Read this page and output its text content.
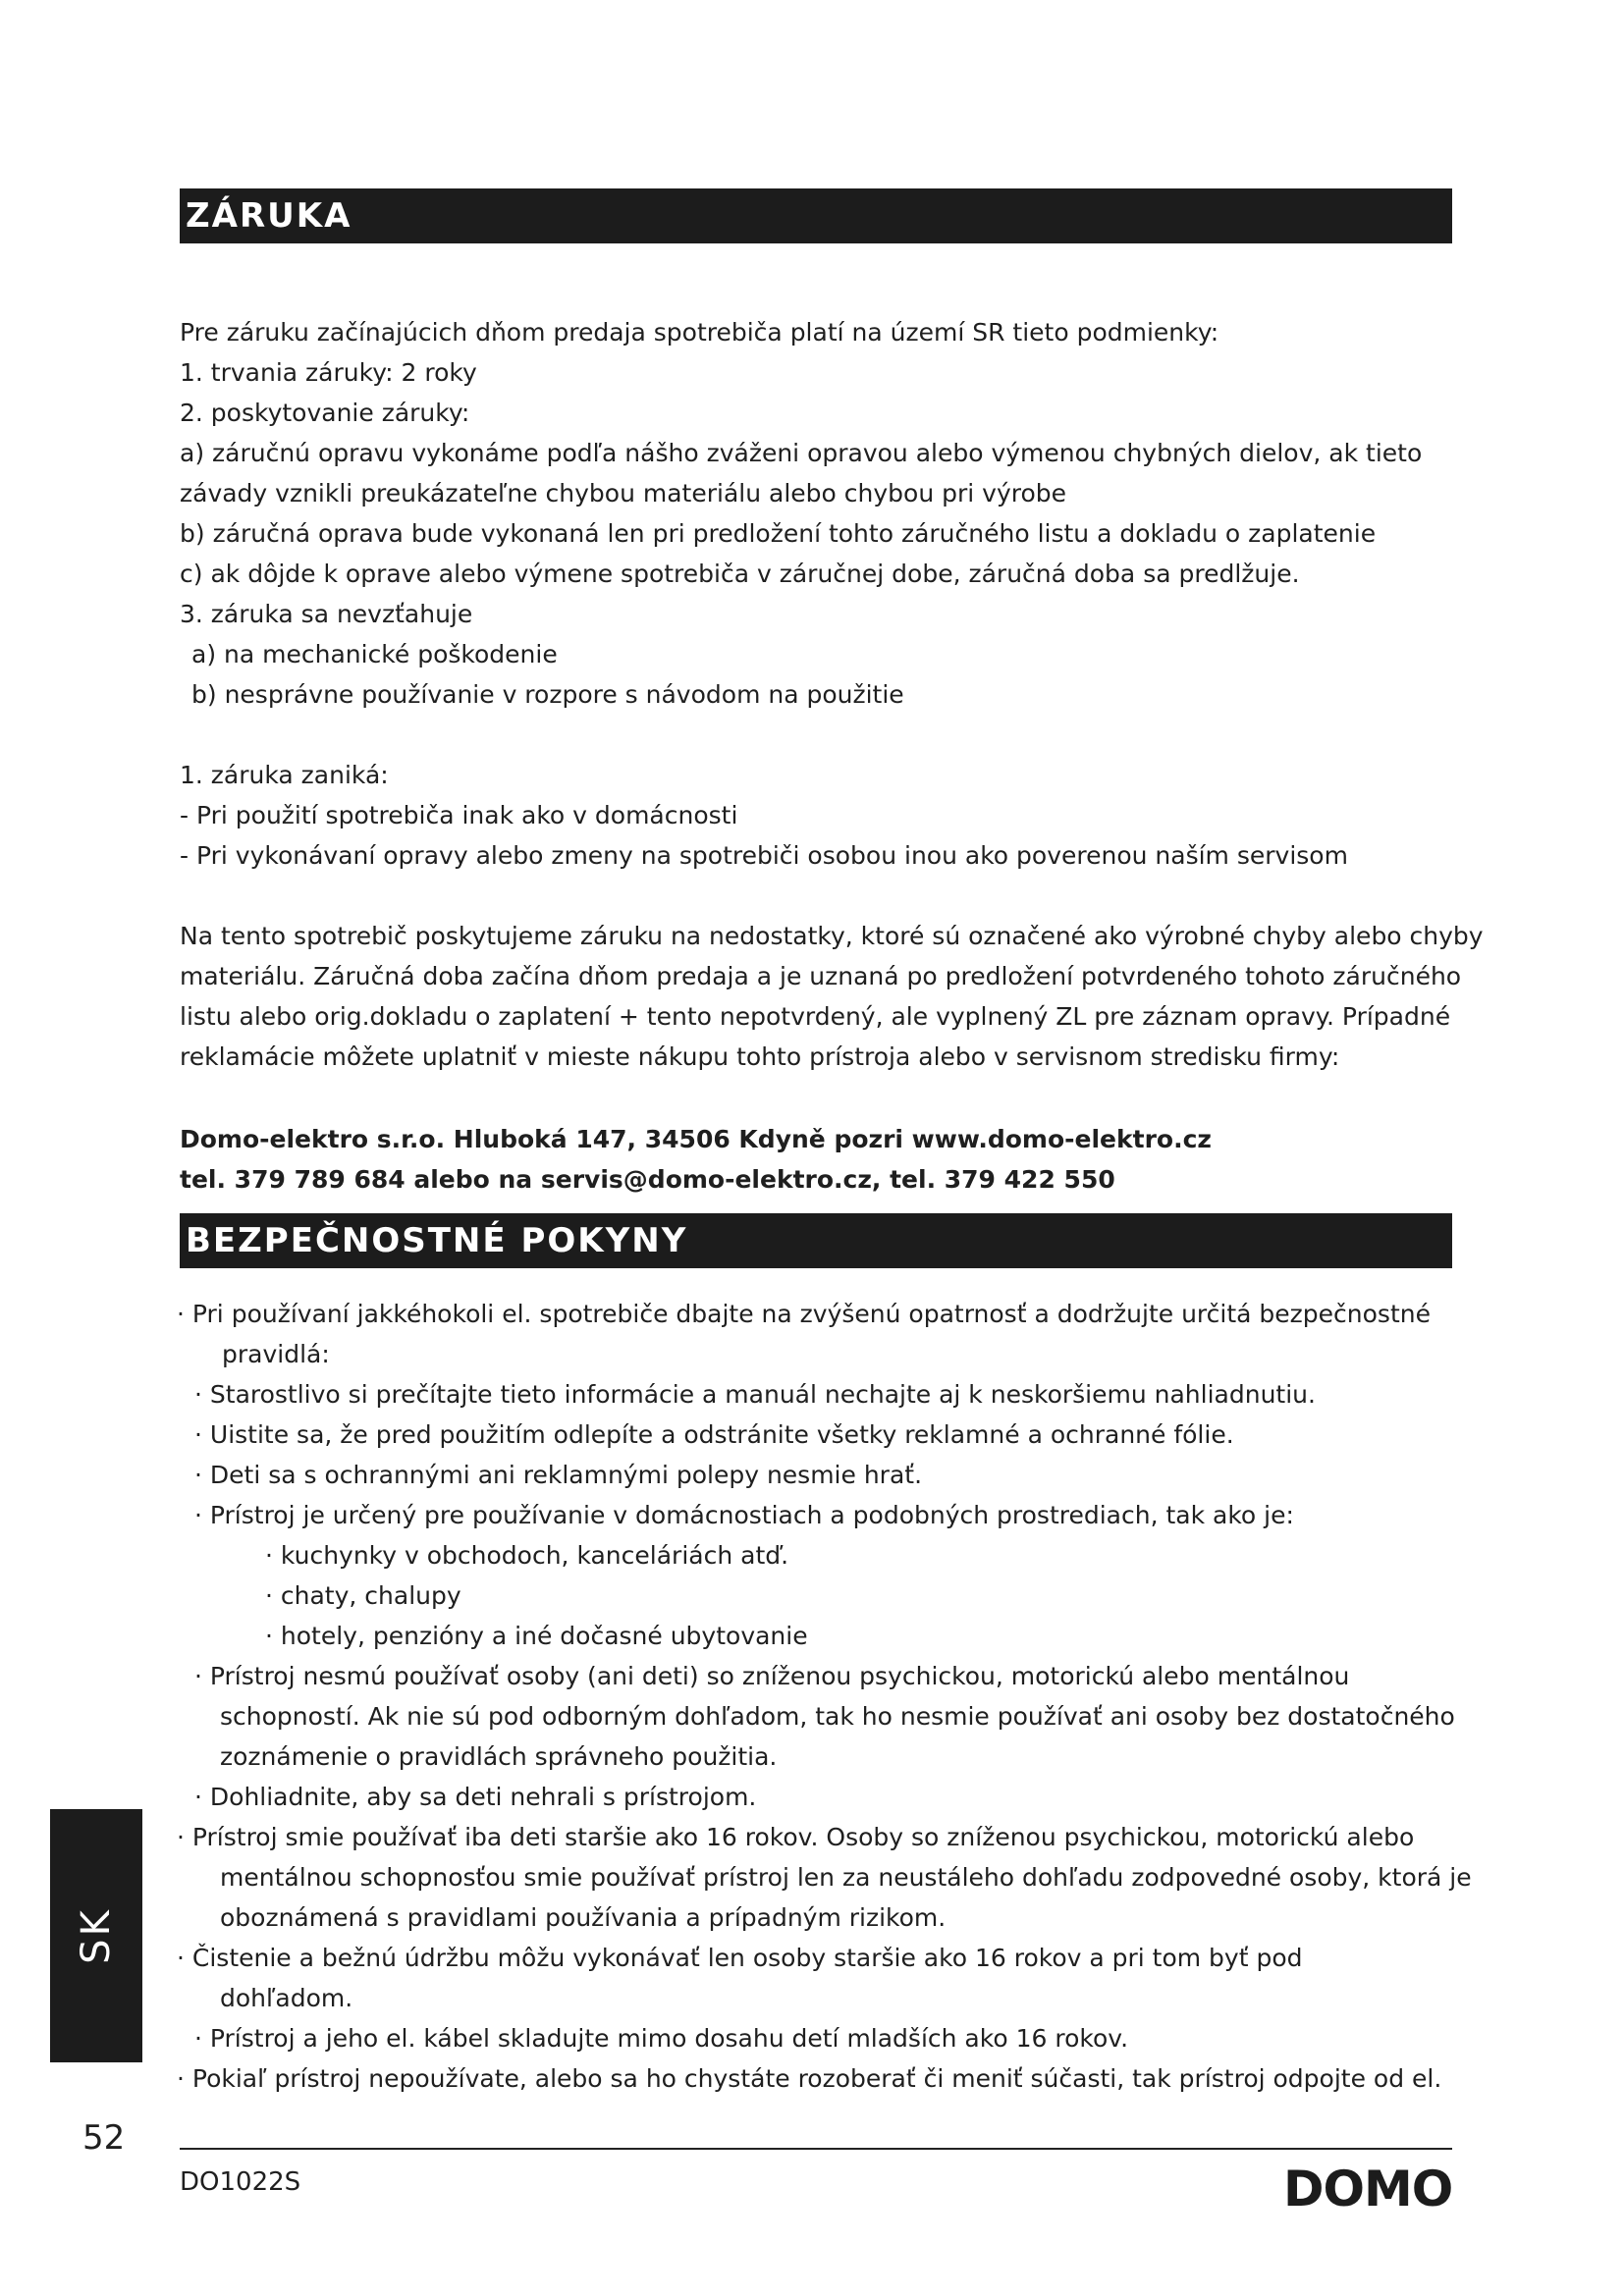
ZÁRUKA
Pre záruku začínajúcich dňom predaja spotrebiča platí na území SR tieto podmienky:
1. trvania záruky: 2 roky
2. poskytovanie záruky:
a) záručnú opravu vykonáme podľa nášho zváženi opravou alebo výmenou chybných dielov, ak tieto
závady vznikli preukázateľne chybou materiálu alebo chybou pri výrobe
b) záručná oprava bude vykonaná len pri predložení tohto záručného listu a dokladu o zaplatenie
c) ak dôjde k oprave alebo výmene spotrebiča v záručnej dobe, záručná doba sa predlžuje.
3. záruka sa nevzťahuje
a) na mechanické poškodenie
b) nesprávne používanie v rozpore s návodom na použitie
1. záruka zaniká:
- Pri použití spotrebiča inak ako v domácnosti
- Pri vykonávaní opravy alebo zmeny na spotrebiči osobou inou ako poverenou naším servisom
Na tento spotrebič poskytujeme záruku na nedostatky, ktoré sú označené ako výrobné chyby alebo chyby
materiálu. Záručná doba začína dňom predaja a je uznaná po predložení potvrdeného tohoto záručného
listu alebo orig.dokladu o zaplatení + tento nepotvrdený, ale vyplnený ZL pre záznam opravy. Prípadné
reklamácie môžete uplatniť v mieste nákupu tohto prístroja alebo v servisnom stredisku firmy:
Domo-elektro s.r.o. Hluboká 147, 34506 Kdyně pozri www.domo-elektro.cz
tel. 379 789 684 alebo na servis@domo-elektro.cz, tel. 379 422 550
BEZPEČNOSTNÉ POKYNY
· Pri používaní jakkéhokoli el. spotrebiče dbajte na zvýšenú opatrnosť a dodržujte určitá bezpečnostné
pravidlá:
· Starostlivo si prečítajte tieto informácie a manuál nechajte aj k neskoršiemu nahliadnutiu.
· Uistite sa, že pred použitím odlepíte a odstránite všetky reklamné a ochranné fólie.
· Deti sa s ochrannými ani reklamnými polepy nesmie hrať.
· Prístroj je určený pre používanie v domácnostiach a podobných prostrediach, tak ako je:
· kuchynky v obchodoch, kanceláriách atď.
· chaty, chalupy
· hotely, penzióny a iné dočasné ubytovanie
· Prístroj nesmú používať osoby (ani deti) so zníženou psychickou, motorickú alebo mentálnou
schopností. Ak nie sú pod odborným dohľadom, tak ho nesmie používať ani osoby bez dostatočného
zoznámenie o pravidlách správneho použitia.
· Dohliadnite, aby sa deti nehrali s prístrojom.
· Prístroj smie používať iba deti staršie ako 16 rokov. Osoby so zníženou psychickou, motorickú alebo
mentálnou schopnosťou smie používať prístroj len za neustáleho dohľadu zodpovedné osoby, ktorá je
oboznámená s pravidlami používania a prípadným rizikom.
· Čistenie a bežnú údržbu môžu vykonávať len osoby staršie ako 16 rokov a pri tom byť pod
dohľadom.
· Prístroj a jeho el. kábel skladujte mimo dosahu detí mladších ako 16 rokov.
· Pokiaľ prístroj nepoužívate, alebo sa ho chystáte rozoberať či meniť súčasti, tak prístroj odpojte od el.
SK
52
DO1022S	DOMO
